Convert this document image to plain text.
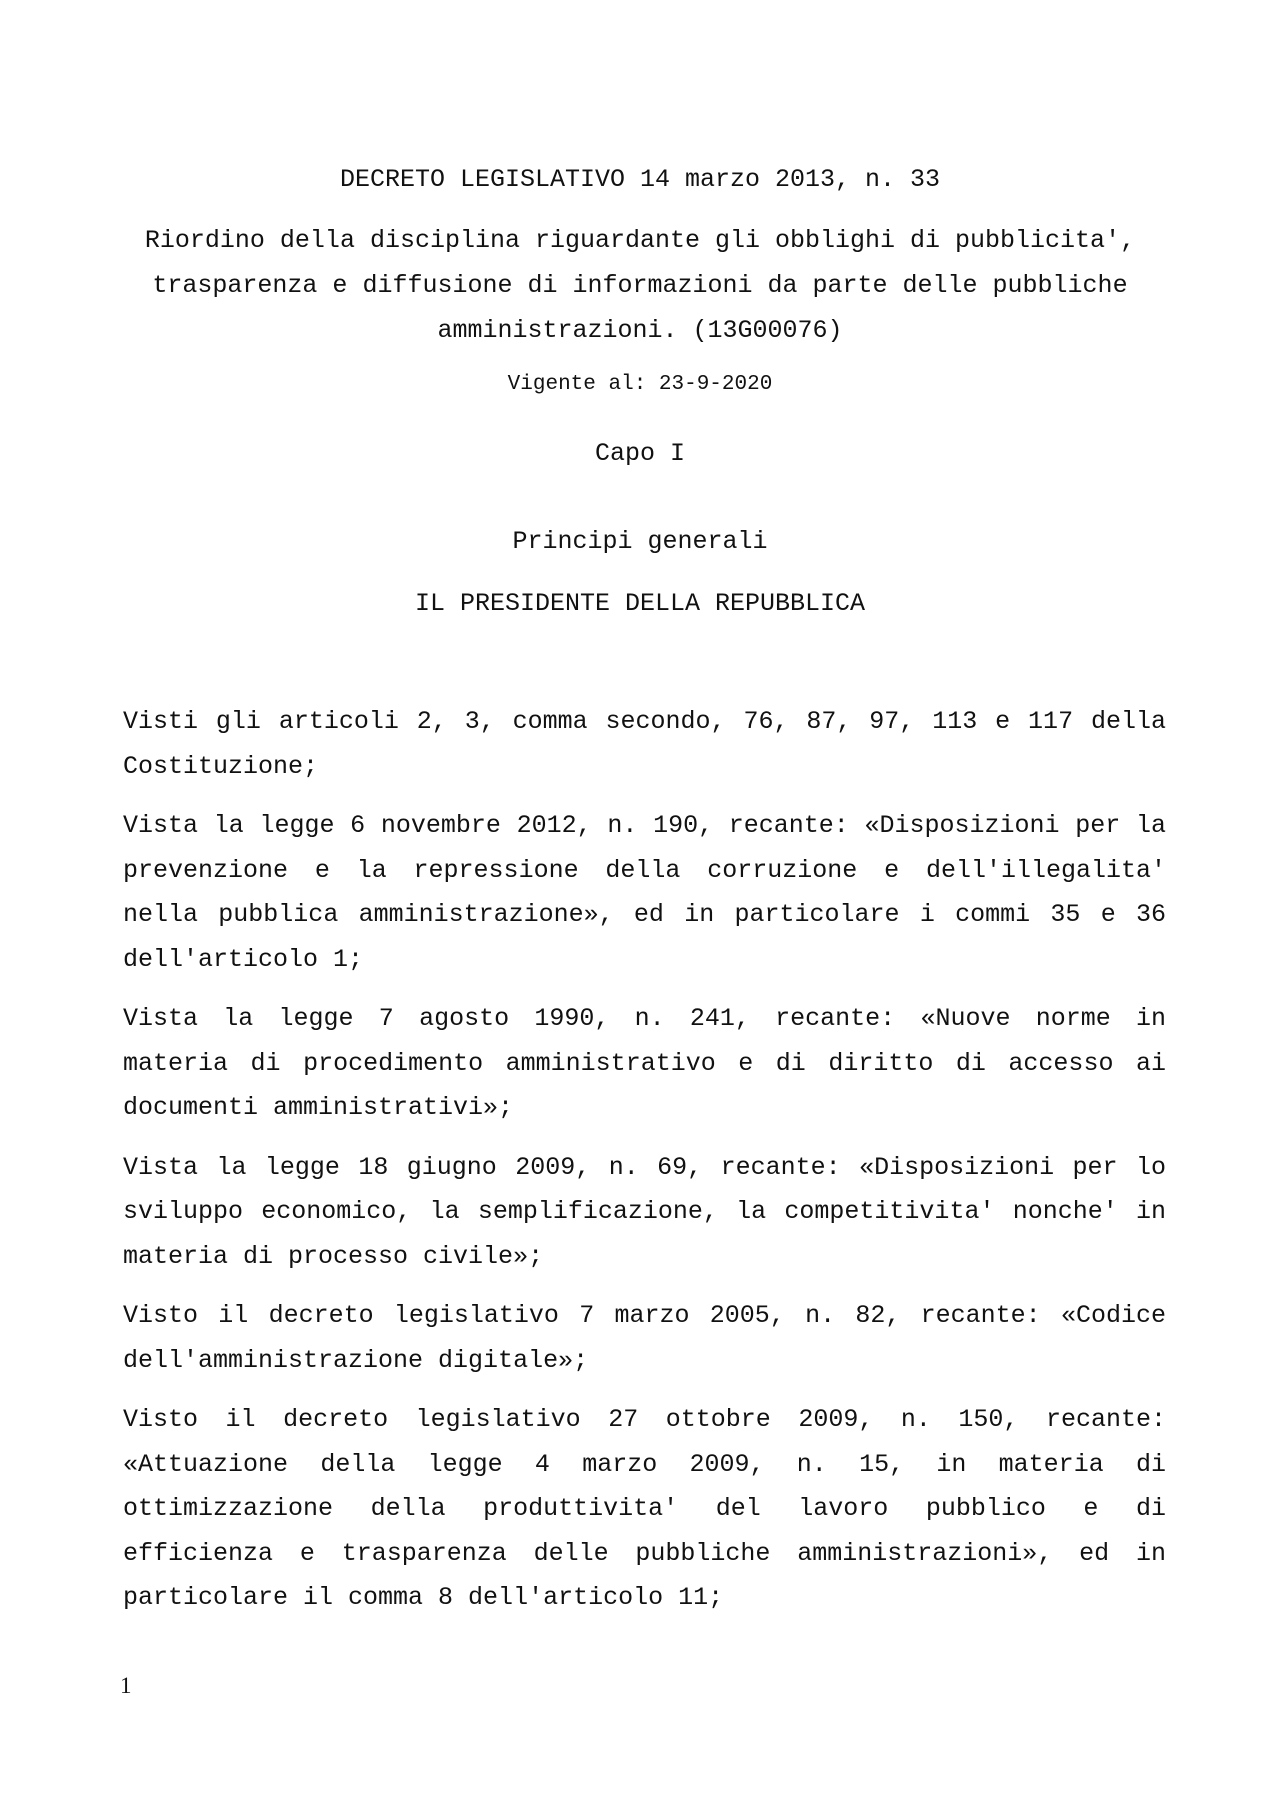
DECRETO LEGISLATIVO 14 marzo 2013, n. 33
Riordino della disciplina riguardante gli obblighi di pubblicita',
trasparenza e diffusione di informazioni da parte delle pubbliche
amministrazioni. (13G00076)
Vigente al: 23-9-2020
Capo I
Principi generali
IL PRESIDENTE DELLA REPUBBLICA

Visti gli articoli 2, 3, comma secondo, 76, 87, 97, 113 e 117 della Costituzione;

Vista la legge 6 novembre 2012, n. 190, recante: «Disposizioni per la prevenzione e la repressione della corruzione e dell'illegalita' nella pubblica amministrazione», ed in particolare i commi 35 e 36 dell'articolo 1;

Vista la legge 7 agosto 1990, n. 241, recante: «Nuove norme in materia di procedimento amministrativo e di diritto di accesso ai documenti amministrativi»;

Vista la legge 18 giugno 2009, n. 69, recante: «Disposizioni per lo sviluppo economico, la semplificazione, la competitivita' nonche' in materia di processo civile»;

Visto il decreto legislativo 7 marzo 2005, n. 82, recante: «Codice dell'amministrazione digitale»;

Visto il decreto legislativo 27 ottobre 2009, n. 150, recante: «Attuazione della legge 4 marzo 2009, n. 15, in materia di ottimizzazione della produttivita' del lavoro pubblico e di efficienza e trasparenza delle pubbliche amministrazioni», ed in particolare il comma 8 dell'articolo 11;

1
